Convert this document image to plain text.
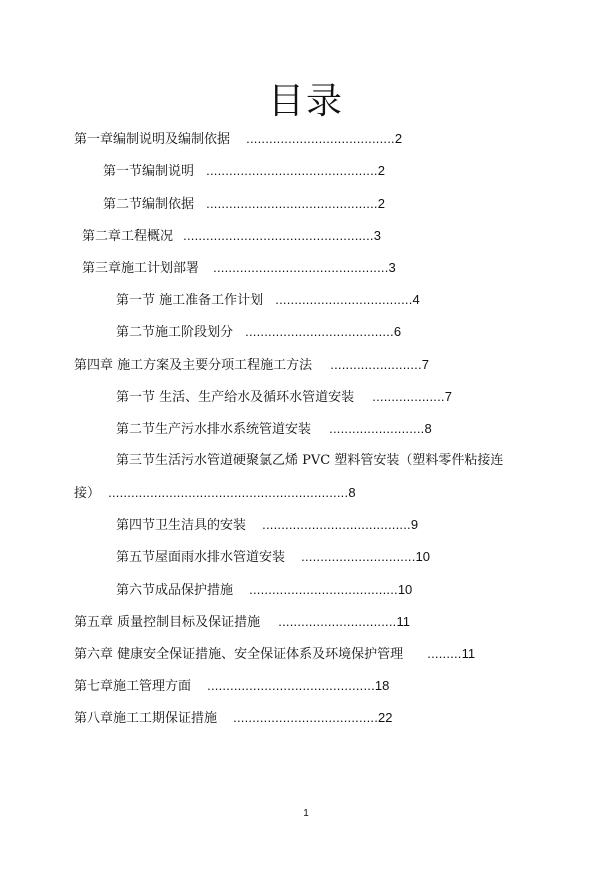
目录
第一章编制说明及编制依据 .......................................2
第一节编制说明 .............................................2
第二节编制依据 .............................................2
第二章工程概况 ..................................................3
第三章施工计划部署 ..............................................3
第一节 施工准备工作计划 ....................................4
第二节施工阶段划分 .......................................6
第四章 施工方案及主要分项工程施工方法 ........................7
第一节 生活、生产给水及循环水管道安装 ...................7
第二节生产污水排水系统管道安装 .........................8
第三节生活污水管道硬聚氯乙烯 PVC 塑料管安装（塑料零件粘接连
接） ...............................................................8
第四节卫生洁具的安装 .......................................9
第五节屋面雨水排水管道安装 ..............................10
第六节成品保护措施 .......................................10
第五章 质量控制目标及保证措施 ...............................11
第六章 健康安全保证措施、安全保证体系及环境保护管理 .........11
第七章施工管理方面 ............................................18
第八章施工工期保证措施 ......................................22
1
